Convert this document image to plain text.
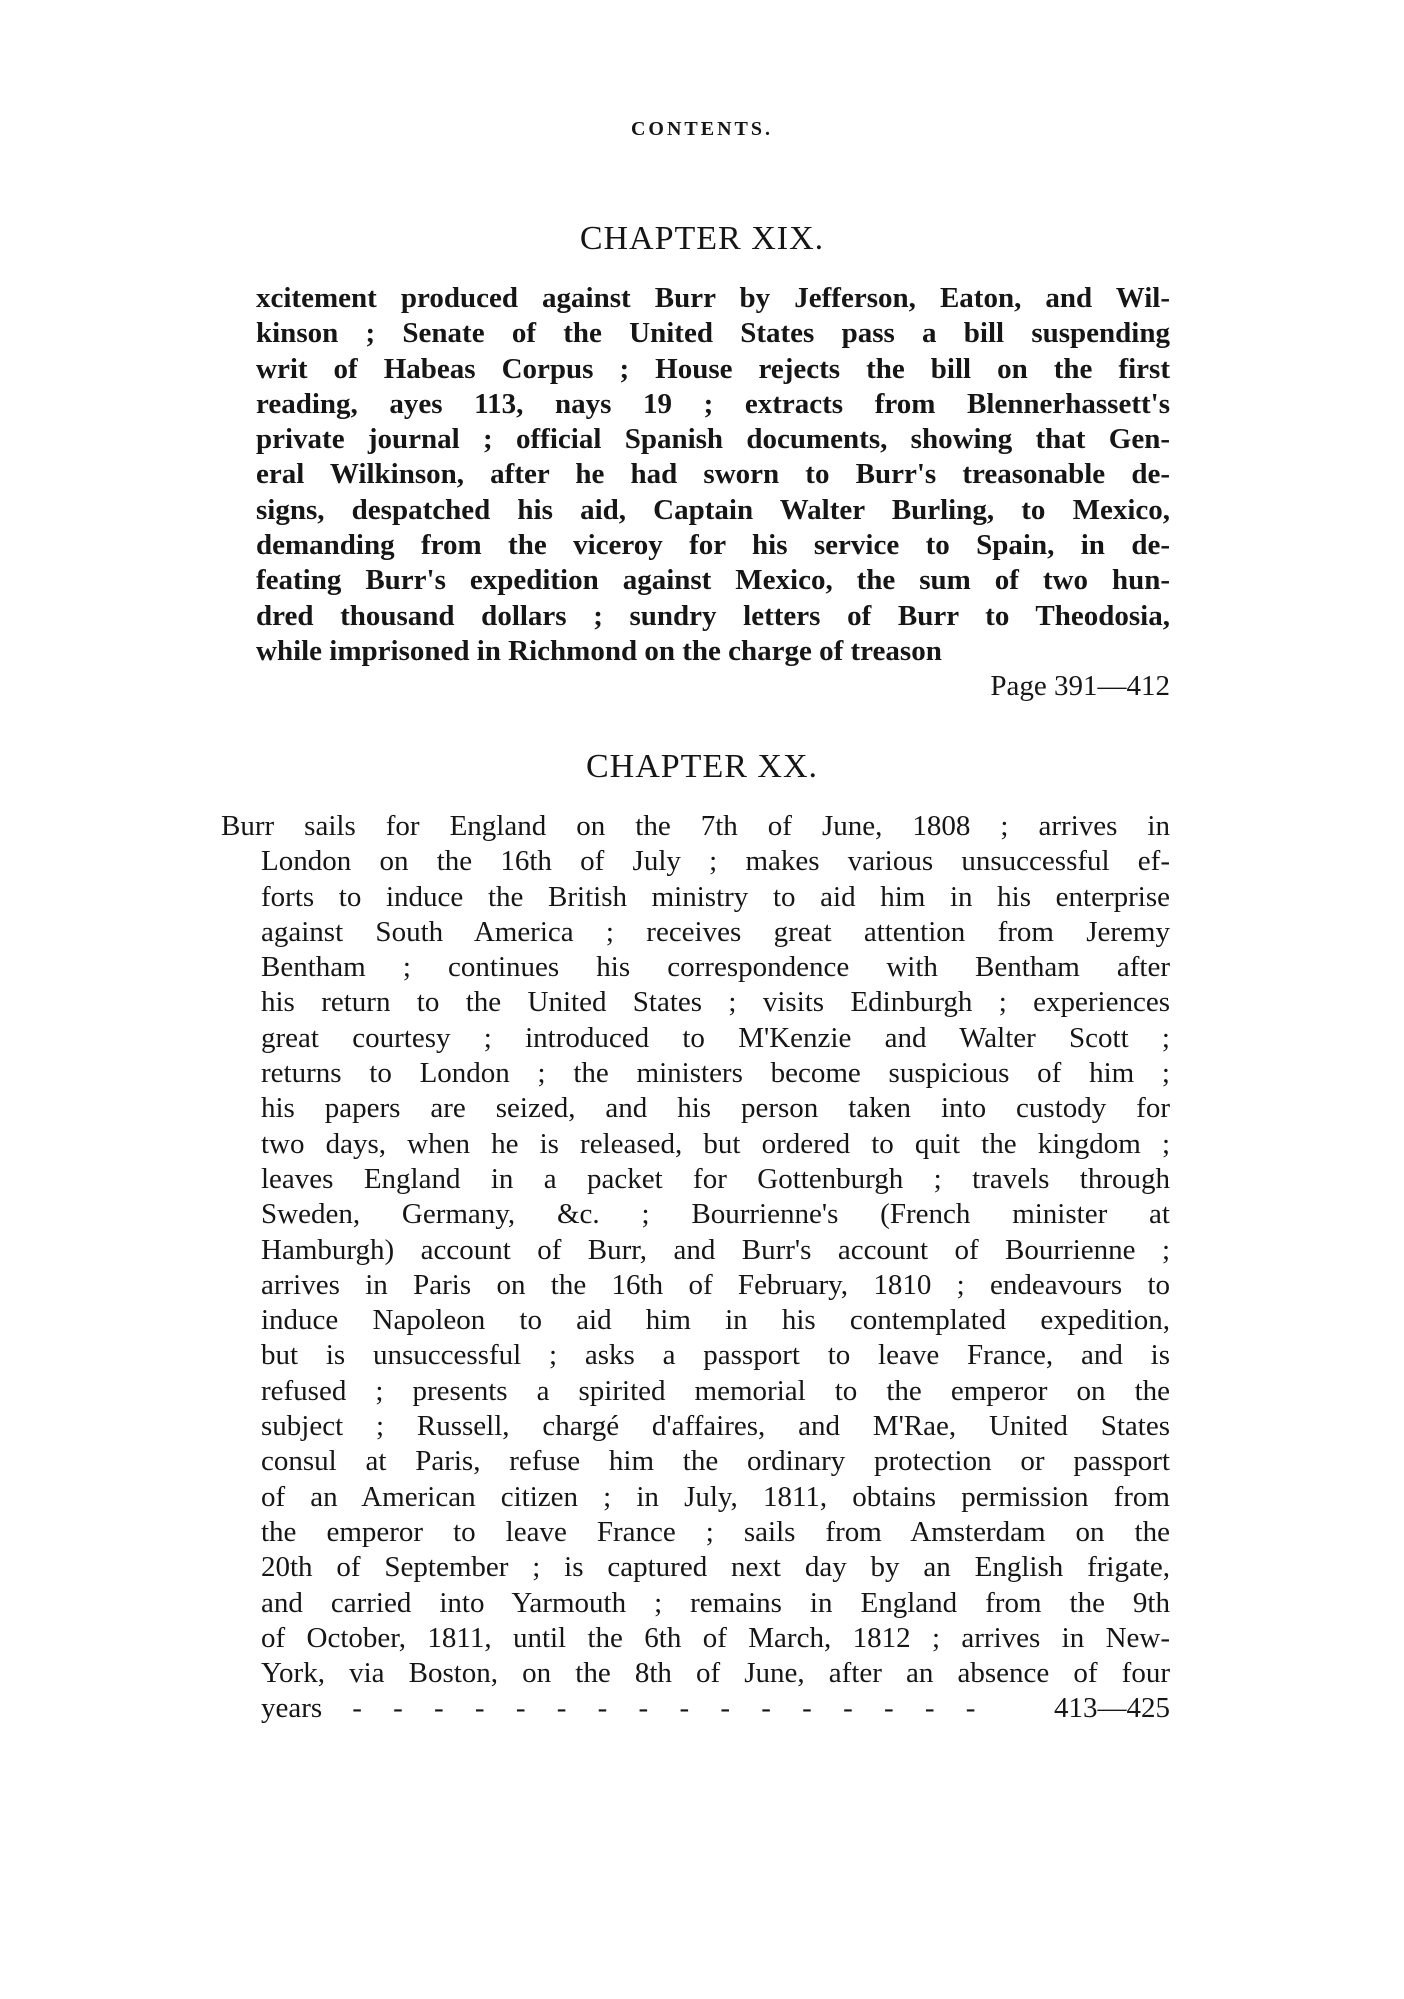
CONTENTS.
CHAPTER XIX.
xcitement produced against Burr by Jefferson, Eaton, and Wil-
kinson ; Senate of the United States pass a bill suspending
writ of Habeas Corpus ; House rejects the bill on the first
reading, ayes 113, nays 19 ; extracts from Blennerhassett's
private journal ; official Spanish documents, showing that Gen-
eral Wilkinson, after he had sworn to Burr's treasonable de-
signs, despatched his aid, Captain Walter Burling, to Mexico,
demanding from the viceroy for his service to Spain, in de-
feating Burr's expedition against Mexico, the sum of two hun-
dred thousand dollars ; sundry letters of Burr to Theodosia,
while imprisoned in Richmond on the charge of treason
Page 391—412
CHAPTER XX.
Burr sails for England on the 7th of June, 1808 ; arrives in
London on the 16th of July ; makes various unsuccessful ef-
forts to induce the British ministry to aid him in his enterprise
against South America ; receives great attention from Jeremy
Bentham ; continues his correspondence with Bentham after
his return to the United States ; visits Edinburgh ; experiences
great courtesy ; introduced to M'Kenzie and Walter Scott ;
returns to London ; the ministers become suspicious of him ;
his papers are seized, and his person taken into custody for
two days, when he is released, but ordered to quit the kingdom ;
leaves England in a packet for Gottenburgh ; travels through
Sweden, Germany, &c. ; Bourrienne's (French minister at
Hamburgh) account of Burr, and Burr's account of Bourrienne ;
arrives in Paris on the 16th of February, 1810 ; endeavours to
induce Napoleon to aid him in his contemplated expedition,
but is unsuccessful ; asks a passport to leave France, and is
refused ; presents a spirited memorial to the emperor on the
subject ; Russell, chargé d'affaires, and M'Rae, United States
consul at Paris, refuse him the ordinary protection or passport
of an American citizen ; in July, 1811, obtains permission from
the emperor to leave France ; sails from Amsterdam on the
20th of September ; is captured next day by an English frigate,
and carried into Yarmouth ; remains in England from the 9th
of October, 1811, until the 6th of March, 1812 ; arrives in New-
York, via Boston, on the 8th of June, after an absence of four
years - - - - - - - - - - - - - - - -	413—425
